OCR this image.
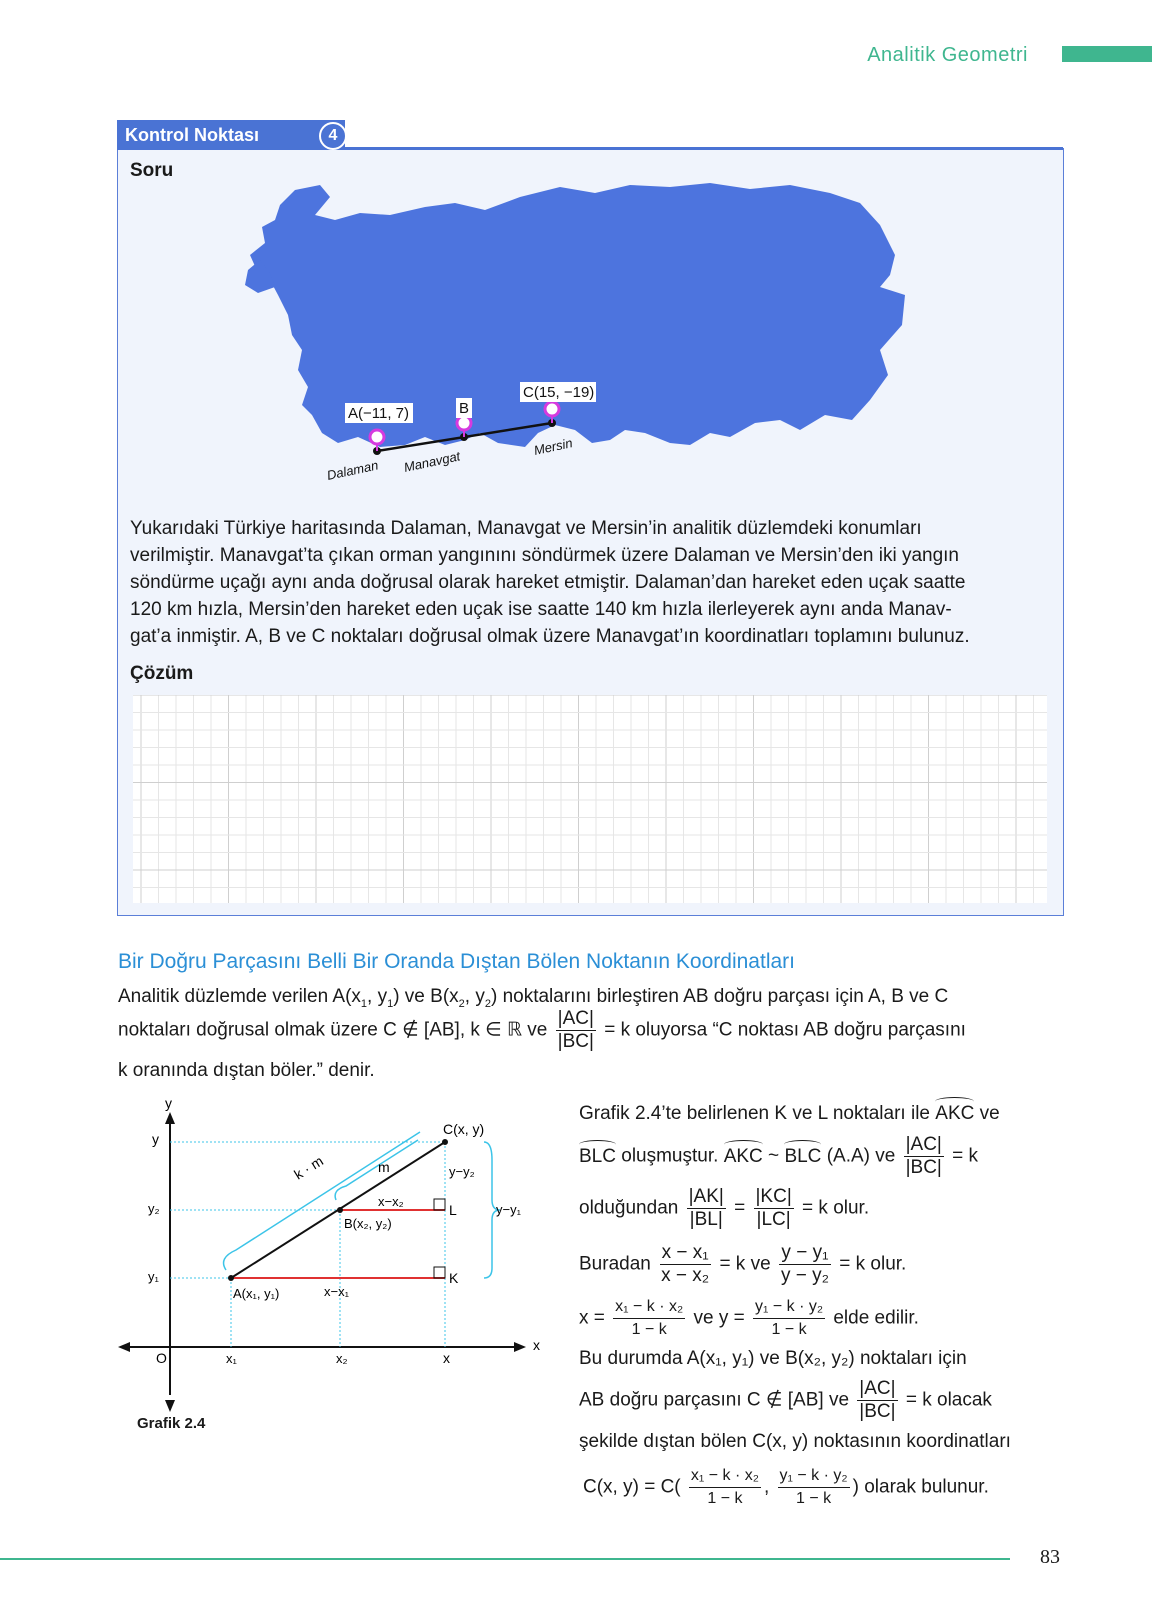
Analitik Geometri
Kontrol Noktası	4
Soru
A(−11, 7)	B
C(15, −19)
Dalaman Manavgat
Mersin
Yukarıdaki Türkiye haritasında Dalaman, Manavgat ve Mersin’in analitik düzlemdeki konumları
verilmiştir. Manavgat’ta çıkan orman yangınını söndürmek üzere Dalaman ve Mersin’den iki yangın
söndürme uçağı aynı anda doğrusal olarak hareket etmiştir. Dalaman’dan hareket eden uçak saatte
120 km hızla, Mersin’den hareket eden uçak ise saatte 140 km hızla ilerleyerek aynı anda Manav-
gat’a inmiştir. A, B ve C noktaları doğrusal olmak üzere Manavgat’ın koordinatları toplamını bulunuz.
Çözüm
Bir Doğru Parçasını Belli Bir Oranda Dıştan Bölen Noktanın Koordinatları
Analitik düzlemde verilen $A(x_1$, $y_1$) ve $B(x_2$, $y_2$) noktalarını birleştiren AB doğru parçası için A, B ve C
noktaları doğrusal olmak üzere C ∉ [AB], k ∈ ℝ ve $\frac{|AC|}{|BC|} = k$ oluyorsa “C noktası AB doğru parçasını
k oranında dıştan böler.” denir.
y
x
O
y
y₂
y₁
x₁	x₂	x
C(x, y)
B(x₂, y₂)
A(x₁, y₁)
L
K
k · m	m
x−x₂
x−x₁
y−y₂
y−y₁
Grafik 2.4
Grafik 2.4’te belirlenen K ve L noktaları ile AKC ve
BLC oluşmuştur. AKC ~ BLC (A.A) ve $\frac{|AC|}{|BC|} = k$
olduğundan $\frac{|AK|}{|BL|} = \frac{|KC|}{|LC|} = k$ olur.
Buradan $\frac{\text{x − x₁}}{\text{x − x₂}} = k$ ve $\frac{\text{y − y₁}}{\text{y − y₂}} = k$ olur.
$x = \frac{\text{x₁ − k · x₂}}{1 - k}$ ve $y = \frac{\text{y₁ − k · y₂}}{1 - k}$ elde edilir.
Bu durumda A(x₁, y₁) ve B(x₂, y₂) noktaları için
AB doğru parçasını C ∉ [AB] ve $\frac{|AC|}{|BC|} = k$ olacak
şekilde dıştan bölen C(x, y) noktasının koordinatları
C(x, $y) = C( \frac{\text{x₁ − k · x₂}}{1 - k}$ , $\frac{\text{y₁ − k · y₂}}{1 - k}$ ) olarak bulunur.
83
